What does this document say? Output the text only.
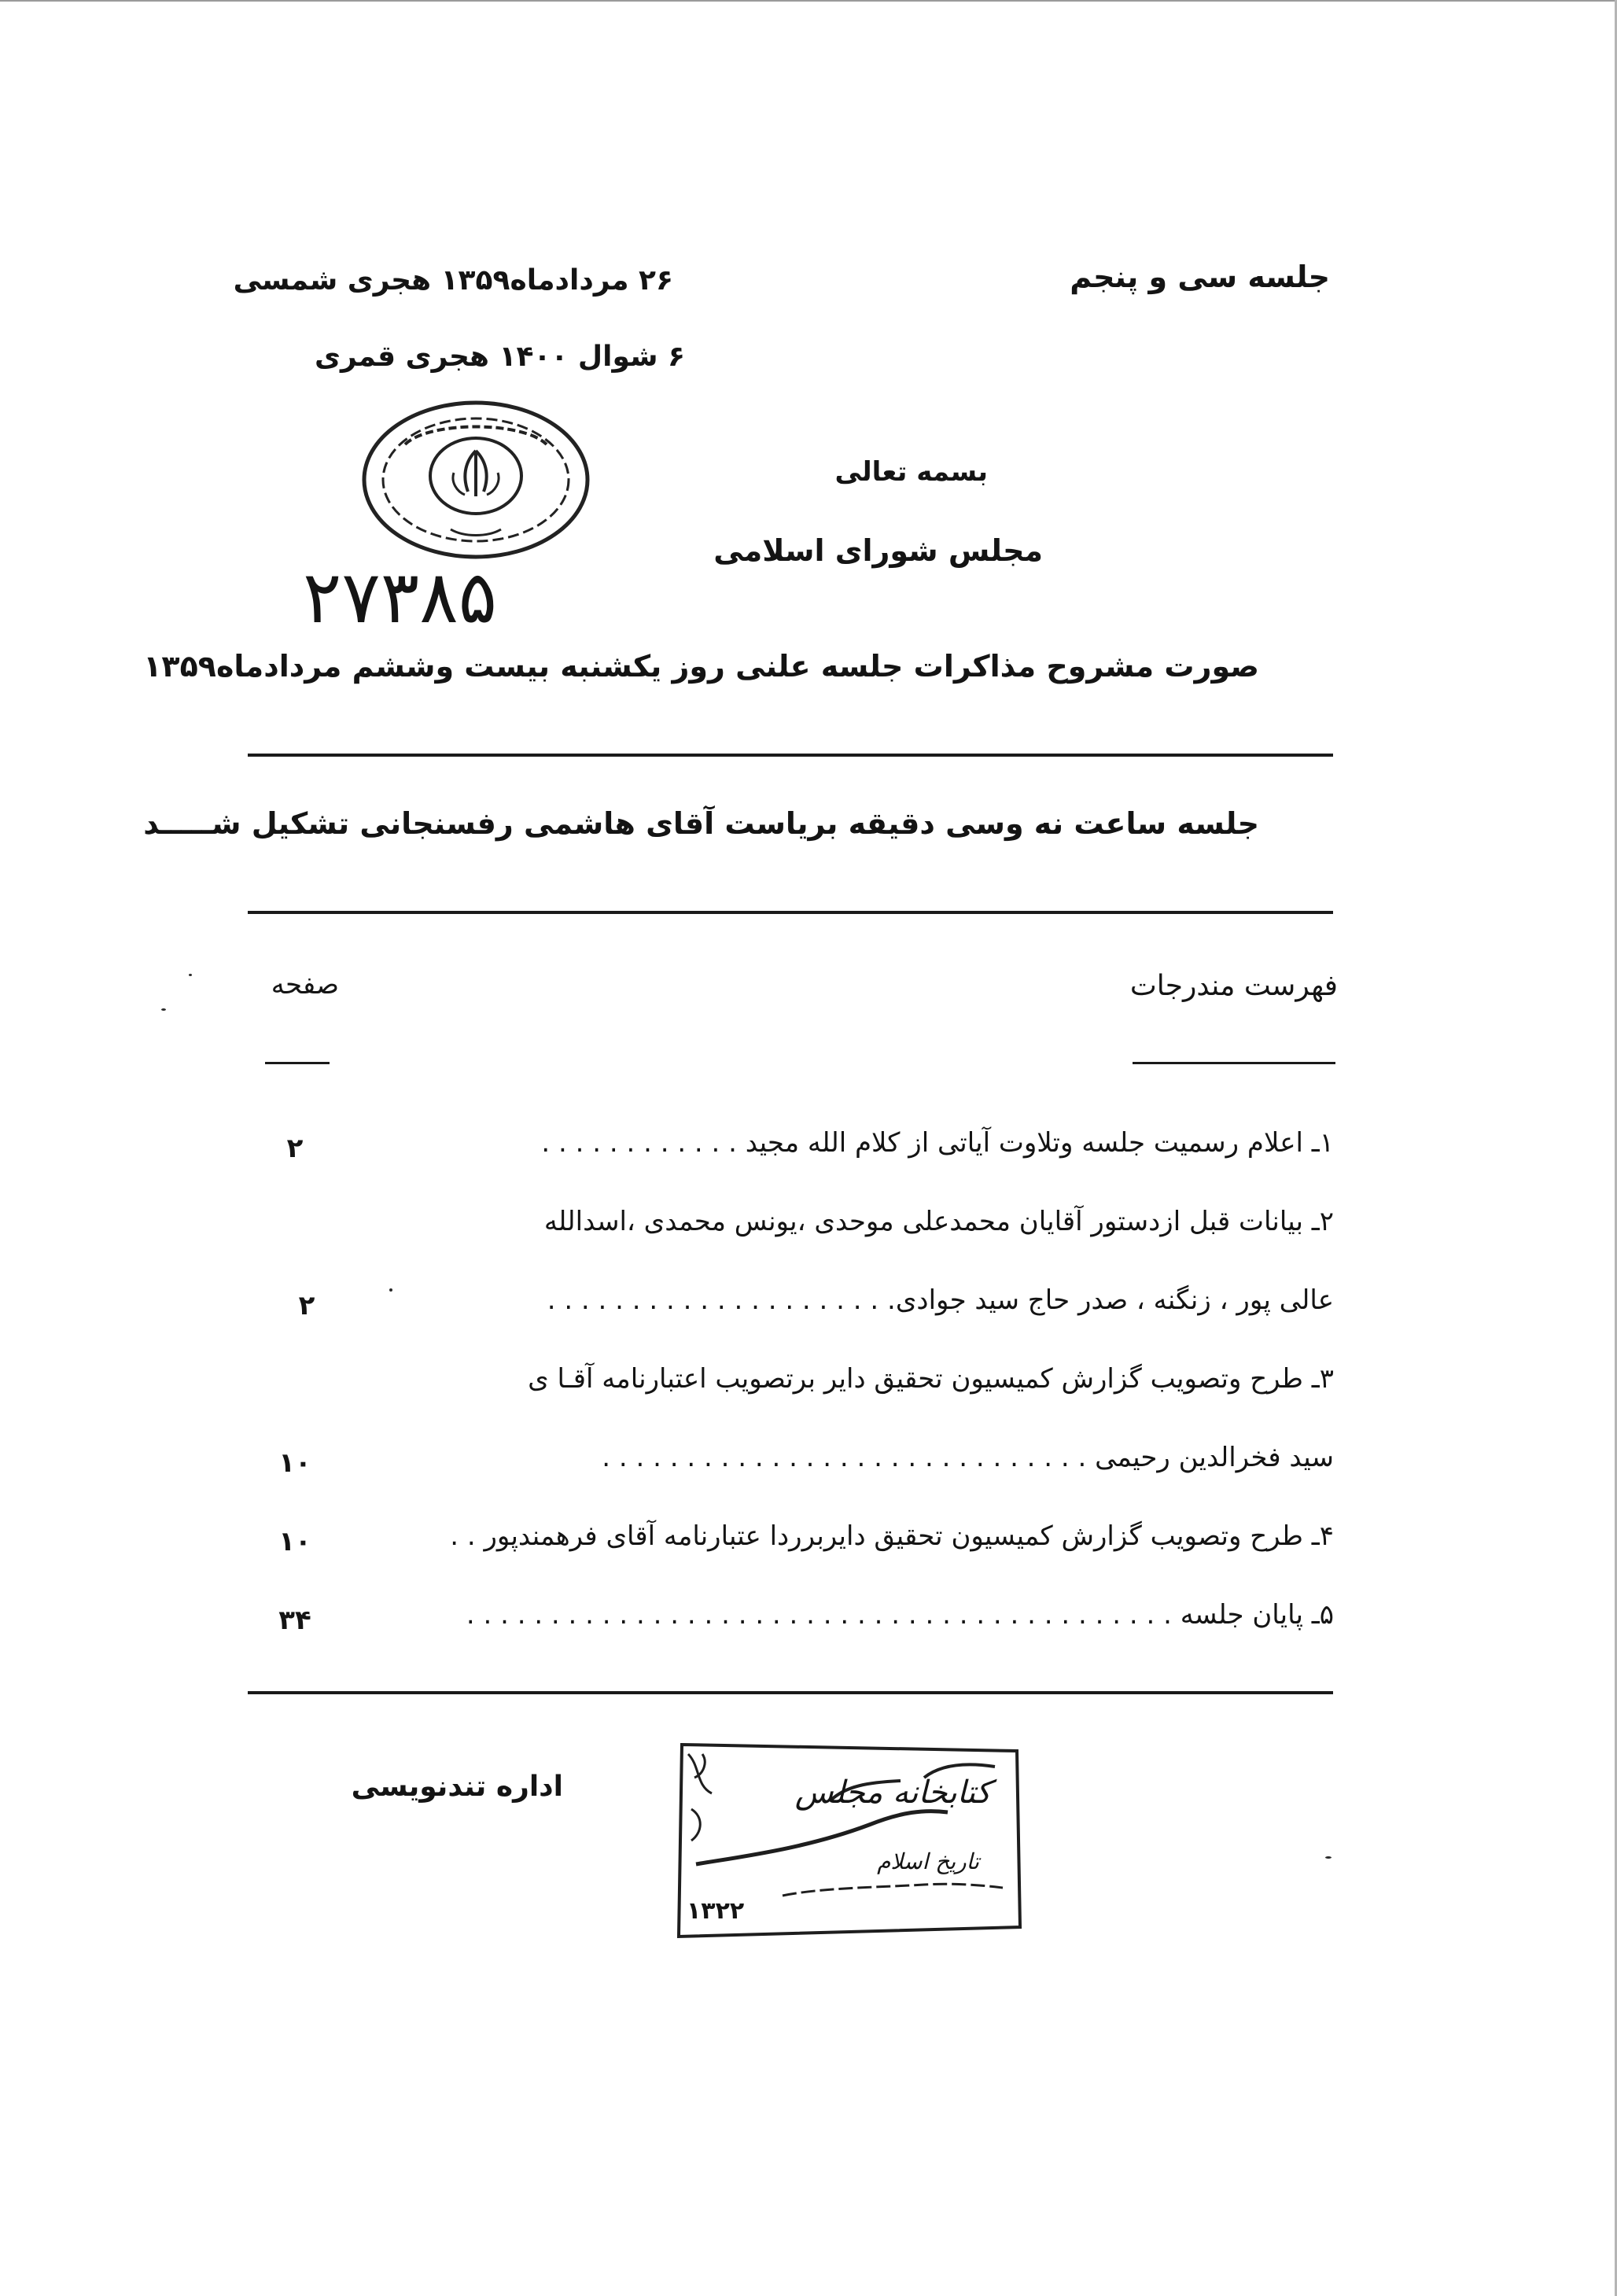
جلسه سی و پنجم
۲۶ مردادماه۱۳۵۹ هجری شمسی
۶ شوال ۱۴۰۰ هجری قمری
۲۷۳۸۵
بسمه تعالی
مجلس شورای اسلامی
صورت مشروح مذاکرات جلسه علنی روز یکشنبه بیست وششم مردادماه۱۳۵۹
جلسه ساعت نه وسی دقیقه بریاست آقای هاشمی رفسنجانی تشکیل شـــــد
فهرست مندرجات
صفحه
۱ـ اعلام رسمیت جلسه وتلاوت آیاتی از کلام الله مجید . . . . . . . . . . . .
۲
۲ـ بیانات قبل ازدستور آقایان محمدعلی موحدی ،یونس محمدی ،اسدالله
عالی پور ، زنگنه ، صدر حاج سید جوادی. . . . . . . . . . . . . . . . . . . . .
۲
۳ـ طرح وتصویب گزارش کمیسیون تحقیق دایر برتصویب اعتبارنامه آقـا ی
سید فخرالدین رحیمی . . . . . . . . . . . . . . . . . . . . . . . . . . . . .
۱۰
۴ـ طرح وتصویب گزارش کمیسیون تحقیق دایربرردا عتبارنامه آقای فرهمندپور . .
۱۰
۵ـ پایان جلسه . . . . . . . . . . . . . . . . . . . . . . . . . . . . . . . . . . . . . . . . . .
۳۴
اداره تندنویسی	کتابخانه مجلس
تاریخ اسلام
۱۳۲۲
